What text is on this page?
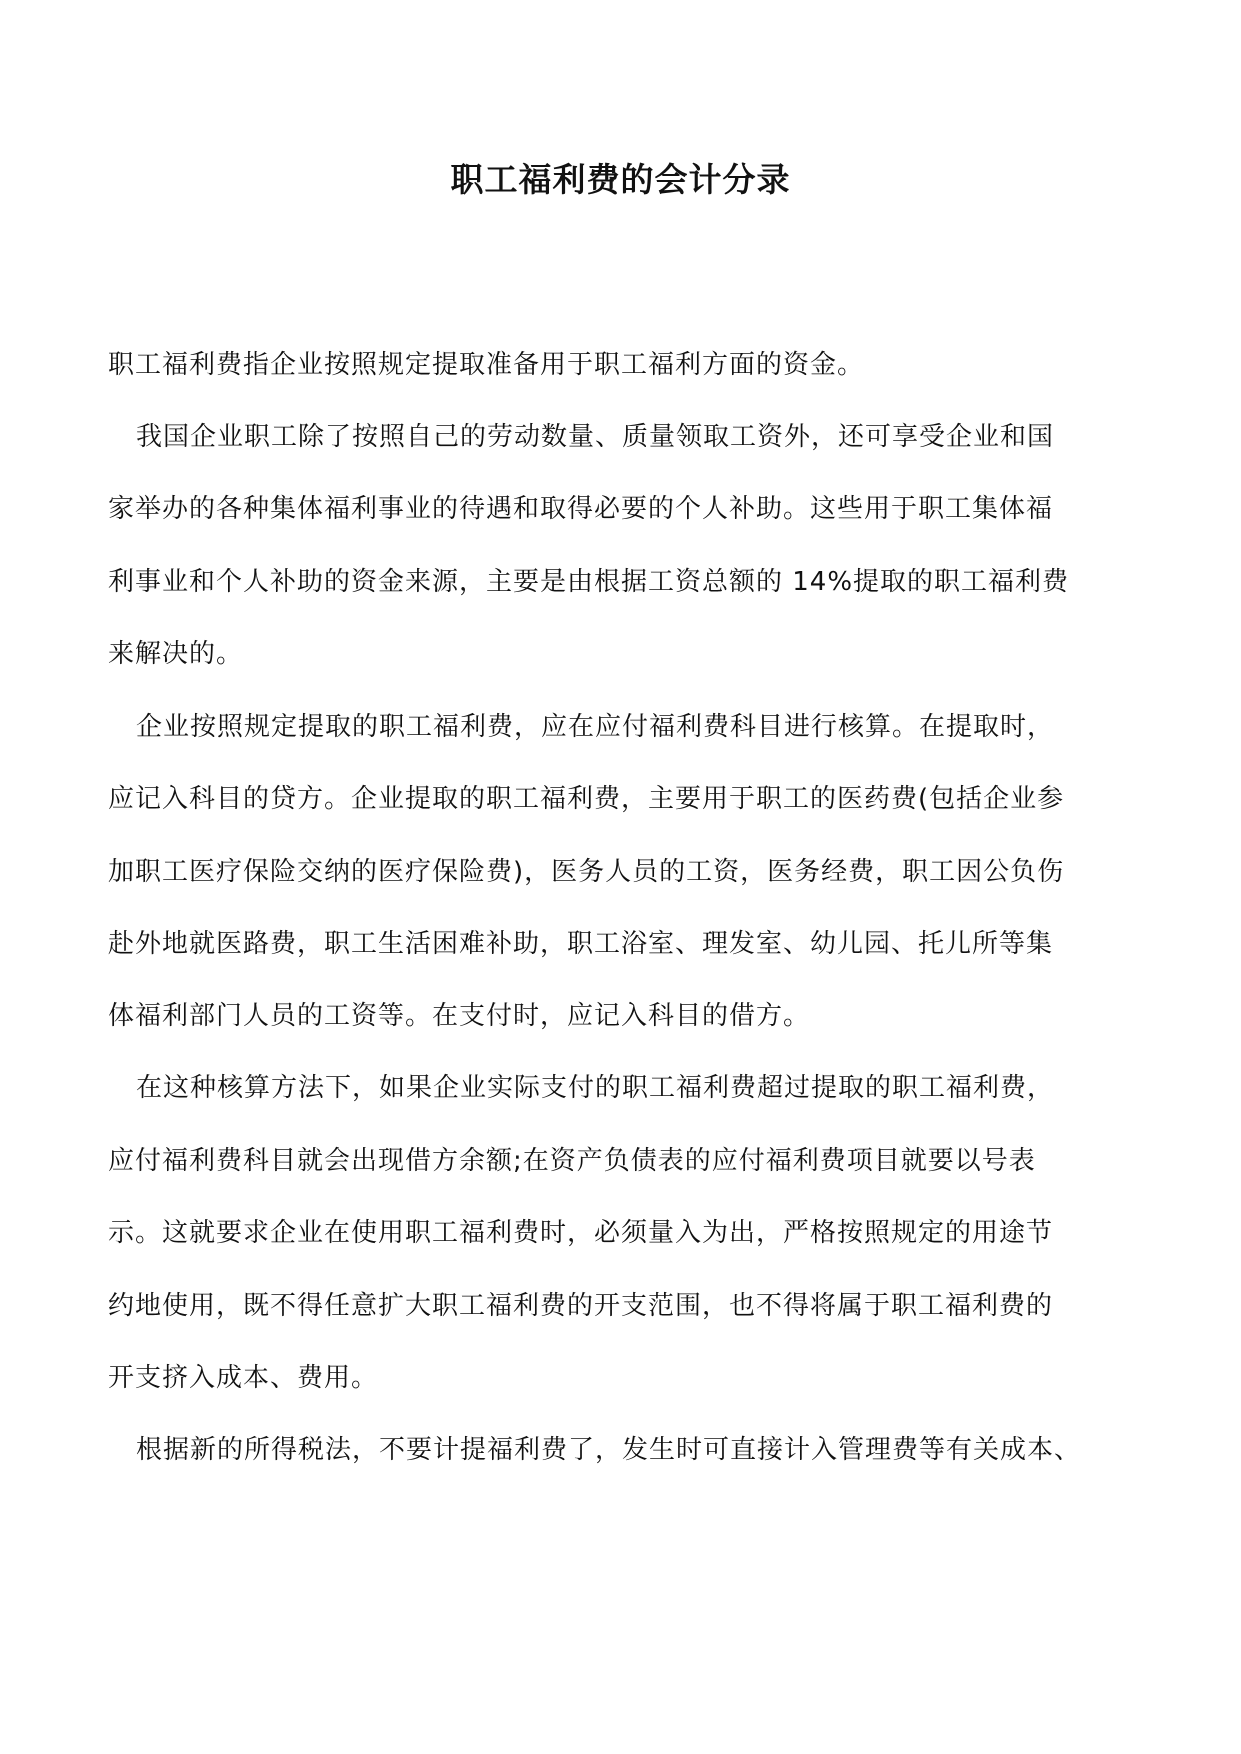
职工福利费的会计分录

职工福利费指企业按照规定提取准备用于职工福利方面的资金。

我国企业职工除了按照自己的劳动数量、质量领取工资外，还可享受企业和国

家举办的各种集体福利事业的待遇和取得必要的个人补助。这些用于职工集体福

利事业和个人补助的资金来源，主要是由根据工资总额的 14%提取的职工福利费

来解决的。

企业按照规定提取的职工福利费，应在应付福利费科目进行核算。在提取时，

应记入科目的贷方。企业提取的职工福利费，主要用于职工的医药费(包括企业参

加职工医疗保险交纳的医疗保险费)，医务人员的工资，医务经费，职工因公负伤

赴外地就医路费，职工生活困难补助，职工浴室、理发室、幼儿园、托儿所等集

体福利部门人员的工资等。在支付时，应记入科目的借方。

在这种核算方法下，如果企业实际支付的职工福利费超过提取的职工福利费，

应付福利费科目就会出现借方余额;在资产负债表的应付福利费项目就要以号表

示。这就要求企业在使用职工福利费时，必须量入为出，严格按照规定的用途节

约地使用，既不得任意扩大职工福利费的开支范围，也不得将属于职工福利费的

开支挤入成本、费用。

根据新的所得税法，不要计提福利费了，发生时可直接计入管理费等有关成本、
